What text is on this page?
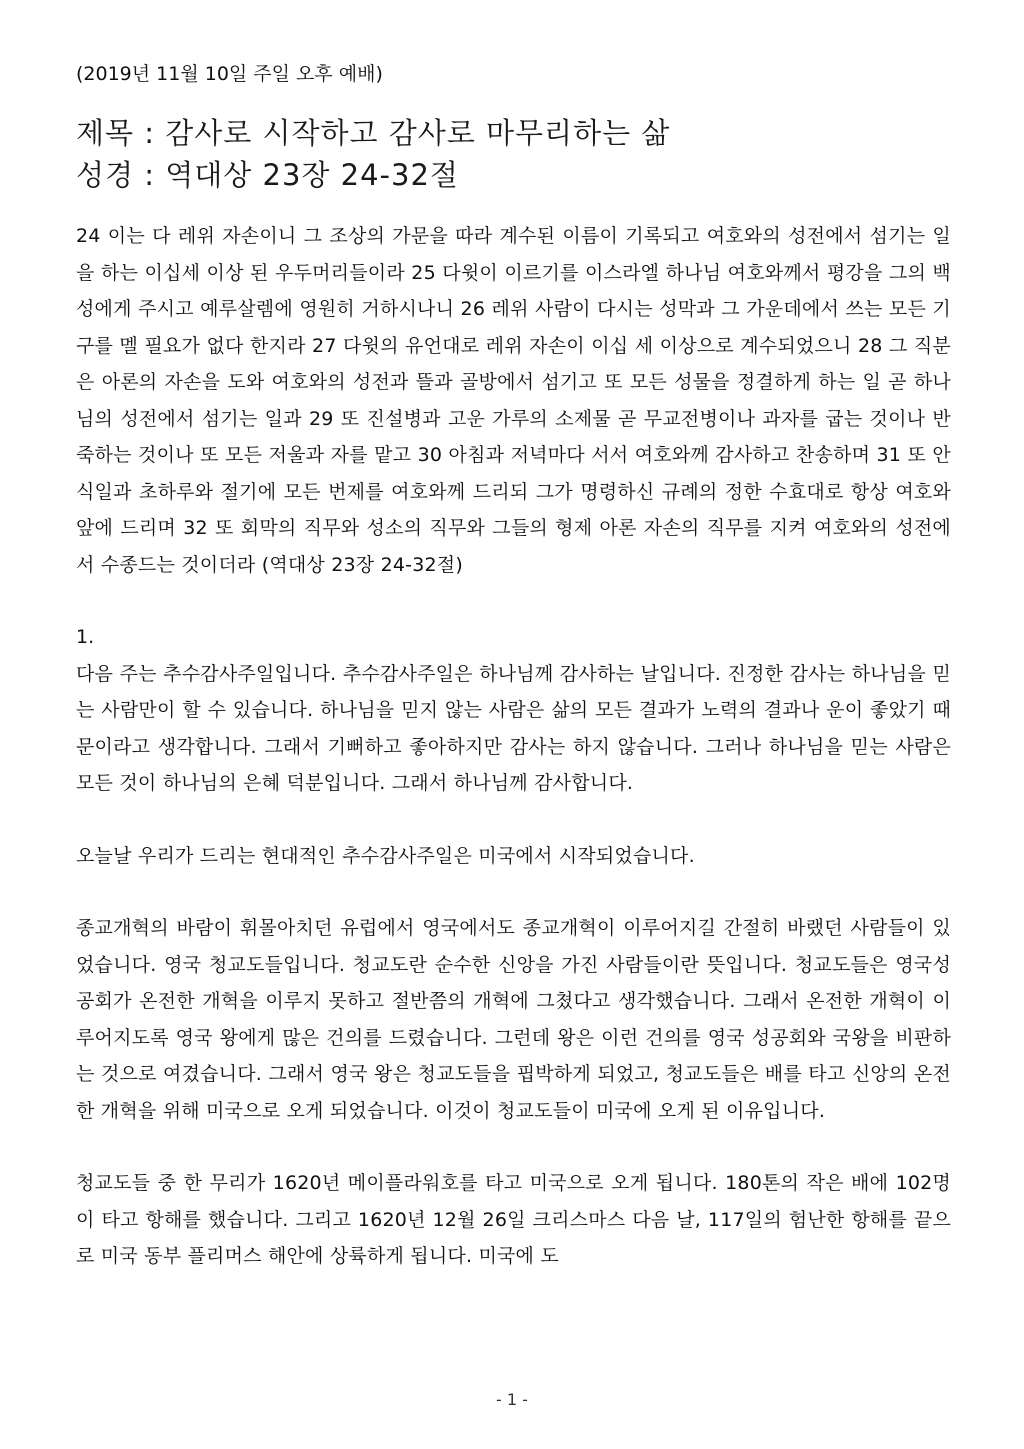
(2019년 11월 10일 주일 오후 예배)
제목 : 감사로 시작하고 감사로 마무리하는 삶
성경 : 역대상 23장 24-32절

24 이는 다 레위 자손이니 그 조상의 가문을 따라 계수된 이름이 기록되고 여호와의 성전에서 섬기는 일을 하는 이십세 이상 된 우두머리들이라 25 다윗이 이르기를 이스라엘 하나님 여호와께서 평강을 그의 백성에게 주시고 예루살렘에 영원히 거하시나니 26 레위 사람이 다시는 성막과 그 가운데에서 쓰는 모든 기구를 멜 필요가 없다 한지라 27 다윗의 유언대로 레위 자손이 이십 세 이상으로 계수되었으니 28 그 직분은 아론의 자손을 도와 여호와의 성전과 뜰과 골방에서 섬기고 또 모든 성물을 정결하게 하는 일 곧 하나님의 성전에서 섬기는 일과 29 또 진설병과 고운 가루의 소제물 곧 무교전병이나 과자를 굽는 것이나 반죽하는 것이나 또 모든 저울과 자를 맡고 30 아침과 저녁마다 서서 여호와께 감사하고 찬송하며 31 또 안식일과 초하루와 절기에 모든 번제를 여호와께 드리되 그가 명령하신 규례의 정한 수효대로 항상 여호와 앞에 드리며 32 또 회막의 직무와 성소의 직무와 그들의 형제 아론 자손의 직무를 지켜 여호와의 성전에서 수종드는 것이더라 (역대상 23장 24-32절)

1.

다음 주는 추수감사주일입니다. 추수감사주일은 하나님께 감사하는 날입니다. 진정한 감사는 하나님을 믿는 사람만이 할 수 있습니다. 하나님을 믿지 않는 사람은 삶의 모든 결과가 노력의 결과나 운이 좋았기 때문이라고 생각합니다. 그래서 기뻐하고 좋아하지만 감사는 하지 않습니다. 그러나 하나님을 믿는 사람은 모든 것이 하나님의 은혜 덕분입니다. 그래서 하나님께 감사합니다.

오늘날 우리가 드리는 현대적인 추수감사주일은 미국에서 시작되었습니다.

종교개혁의 바람이 휘몰아치던 유럽에서 영국에서도 종교개혁이 이루어지길 간절히 바랬던 사람들이 있었습니다. 영국 청교도들입니다. 청교도란 순수한 신앙을 가진 사람들이란 뜻입니다. 청교도들은 영국성공회가 온전한 개혁을 이루지 못하고 절반쯤의 개혁에 그쳤다고 생각했습니다. 그래서 온전한 개혁이 이루어지도록 영국 왕에게 많은 건의를 드렸습니다. 그런데 왕은 이런 건의를 영국 성공회와 국왕을 비판하는 것으로 여겼습니다. 그래서 영국 왕은 청교도들을 핍박하게 되었고, 청교도들은 배를 타고 신앙의 온전한 개혁을 위해 미국으로 오게 되었습니다. 이것이 청교도들이 미국에 오게 된 이유입니다.

청교도들 중 한 무리가 1620년 메이플라워호를 타고 미국으로 오게 됩니다. 180톤의 작은 배에 102명이 타고 항해를 했습니다. 그리고 1620년 12월 26일 크리스마스 다음 날, 117일의 험난한 항해를 끝으로 미국 동부 플리머스 해안에 상륙하게 됩니다. 미국에 도

- 1 -
